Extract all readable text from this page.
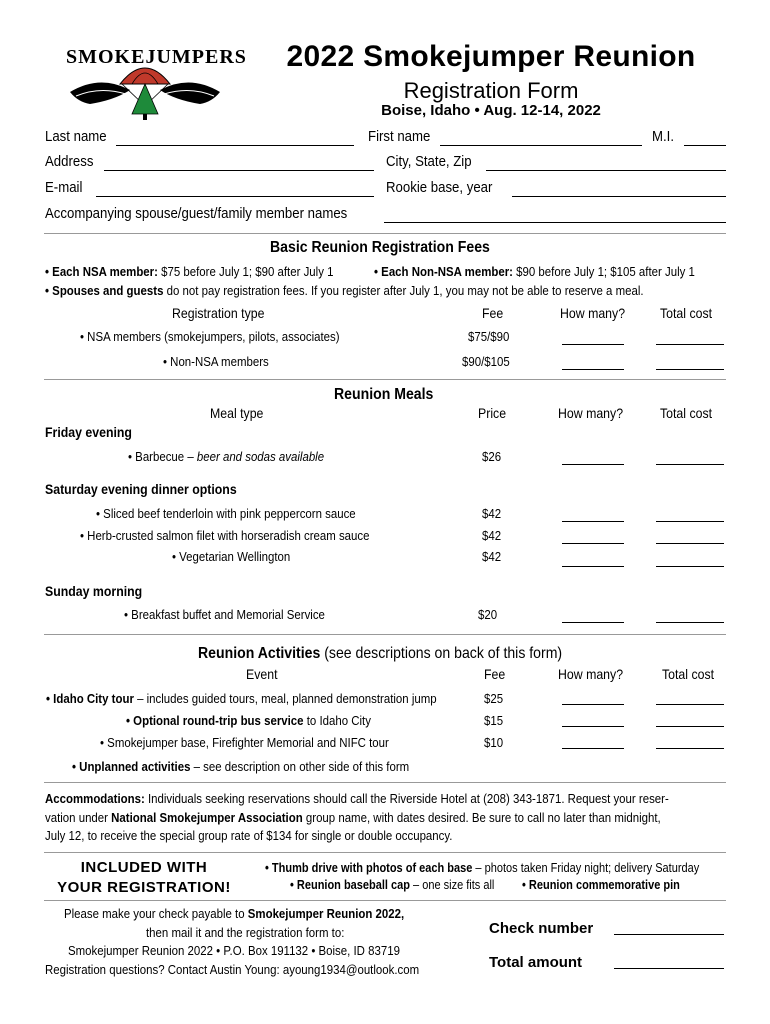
SMOKEJUMPERS	2022 Smokejumper Reunion
Registration Form
Boise, Idaho • Aug. 12-14, 2022
Last name	First name	M.I.
Address	City, State, Zip
E-mail	Rookie base, year
Accompanying spouse/guest/family member names
Basic Reunion Registration Fees
• Each NSA member: $75 before July 1; $90 after July 1	• Each Non-NSA member: $90 before July 1; $105 after July 1
• Spouses and guests do not pay registration fees. If you register after July 1, you may not be able to reserve a meal.
Registration type	Fee	How many? Total cost
• NSA members (smokejumpers, pilots, associates)	$75/$90
• Non-NSA members	$90/$105
Reunion Meals
Meal type	Price	How many?	Total cost
Friday evening
• Barbecue – beer and sodas available	$26
Saturday evening dinner options
• Sliced beef tenderloin with pink peppercorn sauce	$42
• Herb-crusted salmon filet with horseradish cream sauce	$42
• Vegetarian Wellington	$42
Sunday morning
• Breakfast buffet and Memorial Service	$20
Reunion Activities (see descriptions on back of this form)
Event	Fee	How many?	Total cost
• Idaho City tour – includes guided tours, meal, planned demonstration jump	$25
• Optional round-trip bus service to Idaho City	$15
• Smokejumper base, Firefighter Memorial and NIFC tour	$10
• Unplanned activities – see description on other side of this form
Accommodations: Individuals seeking reservations should call the Riverside Hotel at (208) 343-1871. Request your reser-
vation under National Smokejumper Association group name, with dates desired. Be sure to call no later than midnight,
July 12, to receive the special group rate of $134 for single or double occupancy.
INCLUDED WITH
YOUR REGISTRATION!
• Thumb drive with photos of each base – photos taken Friday night; delivery Saturday
• Reunion baseball cap – one size fits all • Reunion commemorative pin
Please make your check payable to Smokejumper Reunion 2022,
then mail it and the registration form to:
Smokejumper Reunion 2022 • P.O. Box 191132 • Boise, ID 83719
Registration questions? Contact Austin Young: ayoung1934@outlook.com
Check number
Total amount
